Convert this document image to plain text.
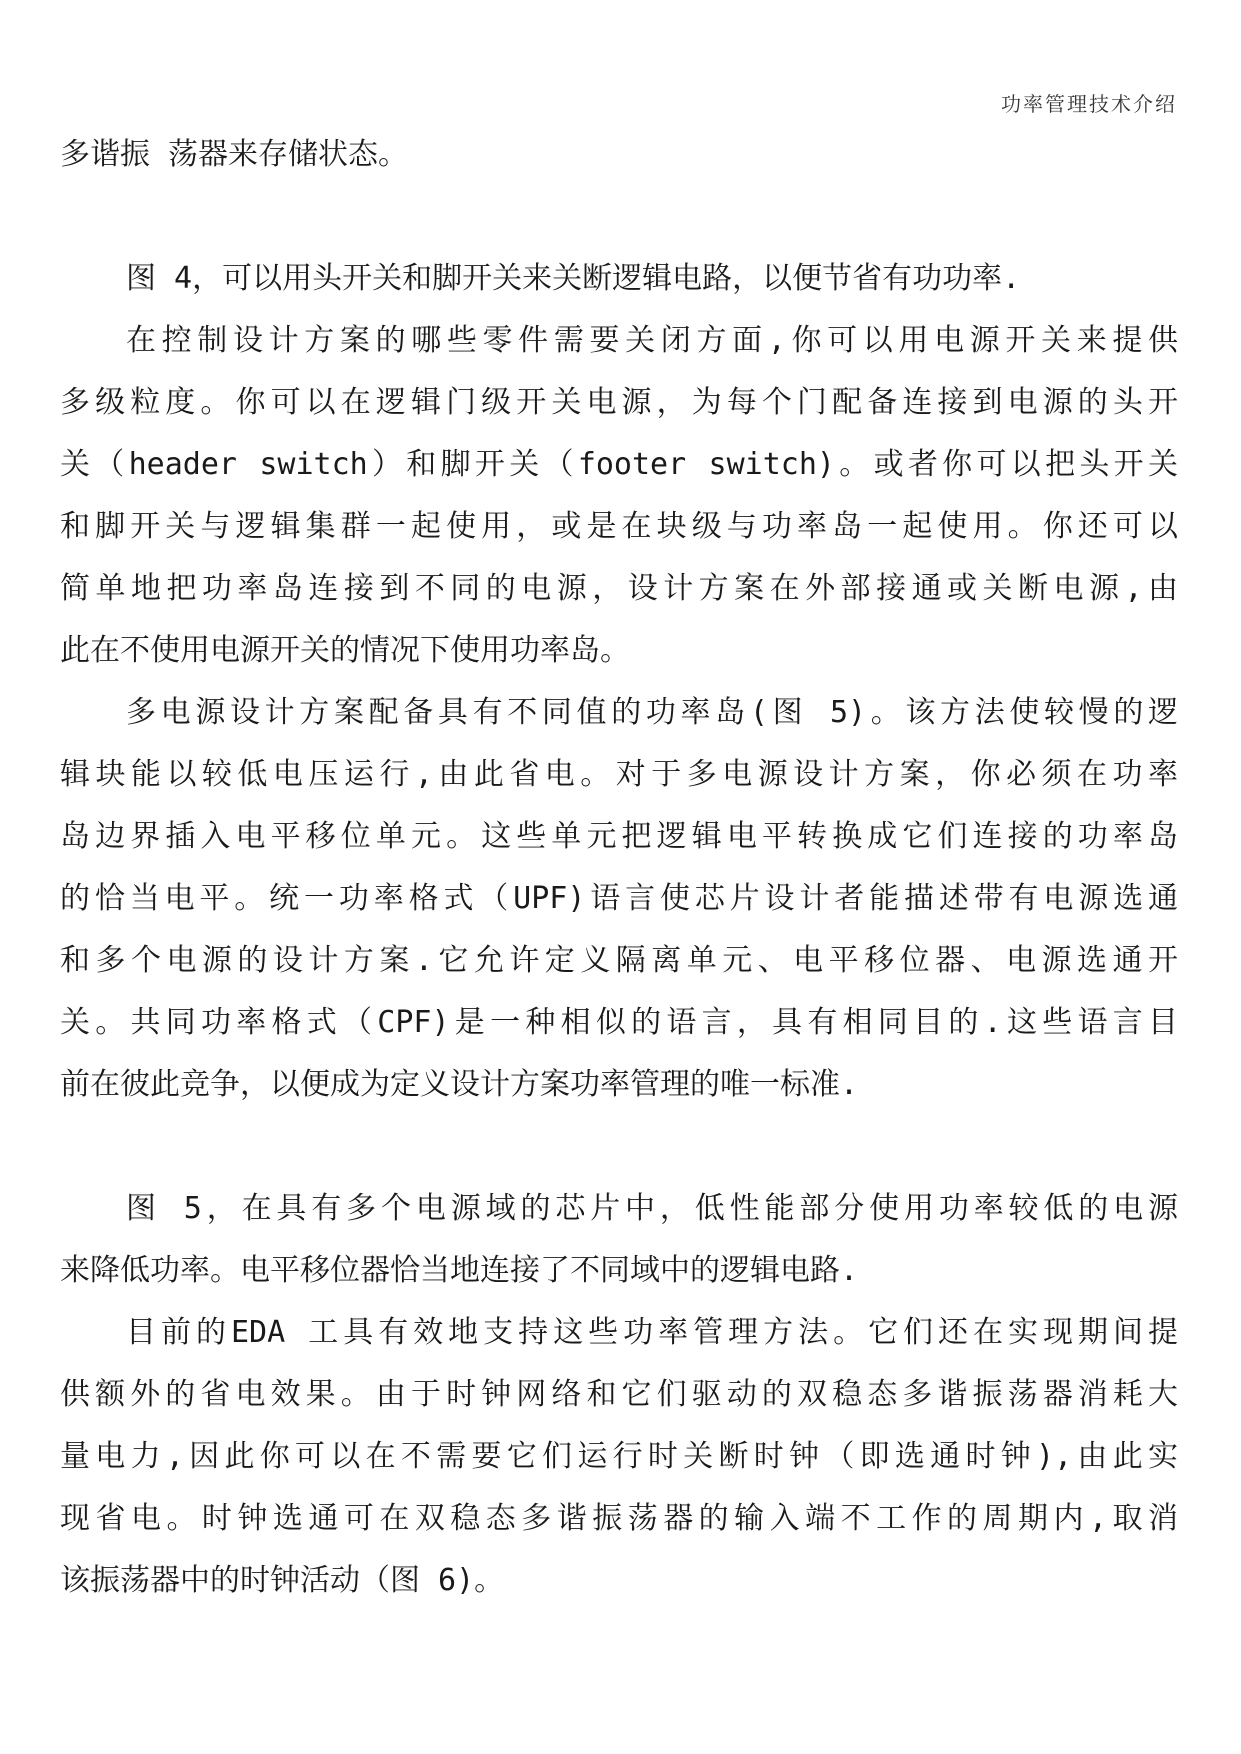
功率管理技术介绍
多谐振 荡器来存储状态。
图 4，可以用头开关和脚开关来关断逻辑电路，以便节省有功功率.
在控制设计方案的哪些零件需要关闭方面,你可以用电源开关来提供
多级粒度。你可以在逻辑门级开关电源，为每个门配备连接到电源的头开
关（header switch）和脚开关（footer switch)。或者你可以把头开关
和脚开关与逻辑集群一起使用，或是在块级与功率岛一起使用。你还可以
简单地把功率岛连接到不同的电源，设计方案在外部接通或关断电源,由
此在不使用电源开关的情况下使用功率岛。
多电源设计方案配备具有不同值的功率岛(图 5)。该方法使较慢的逻
辑块能以较低电压运行,由此省电。对于多电源设计方案，你必须在功率
岛边界插入电平移位单元。这些单元把逻辑电平转换成它们连接的功率岛
的恰当电平。统一功率格式（UPF)语言使芯片设计者能描述带有电源选通
和多个电源的设计方案.它允许定义隔离单元、电平移位器、电源选通开
关。共同功率格式（CPF)是一种相似的语言，具有相同目的.这些语言目
前在彼此竞争，以便成为定义设计方案功率管理的唯一标准.
图 5，在具有多个电源域的芯片中，低性能部分使用功率较低的电源
来降低功率。电平移位器恰当地连接了不同域中的逻辑电路.
目前的EDA 工具有效地支持这些功率管理方法。它们还在实现期间提
供额外的省电效果。由于时钟网络和它们驱动的双稳态多谐振荡器消耗大
量电力,因此你可以在不需要它们运行时关断时钟（即选通时钟),由此实
现省电。时钟选通可在双稳态多谐振荡器的输入端不工作的周期内,取消
该振荡器中的时钟活动（图 6)。
